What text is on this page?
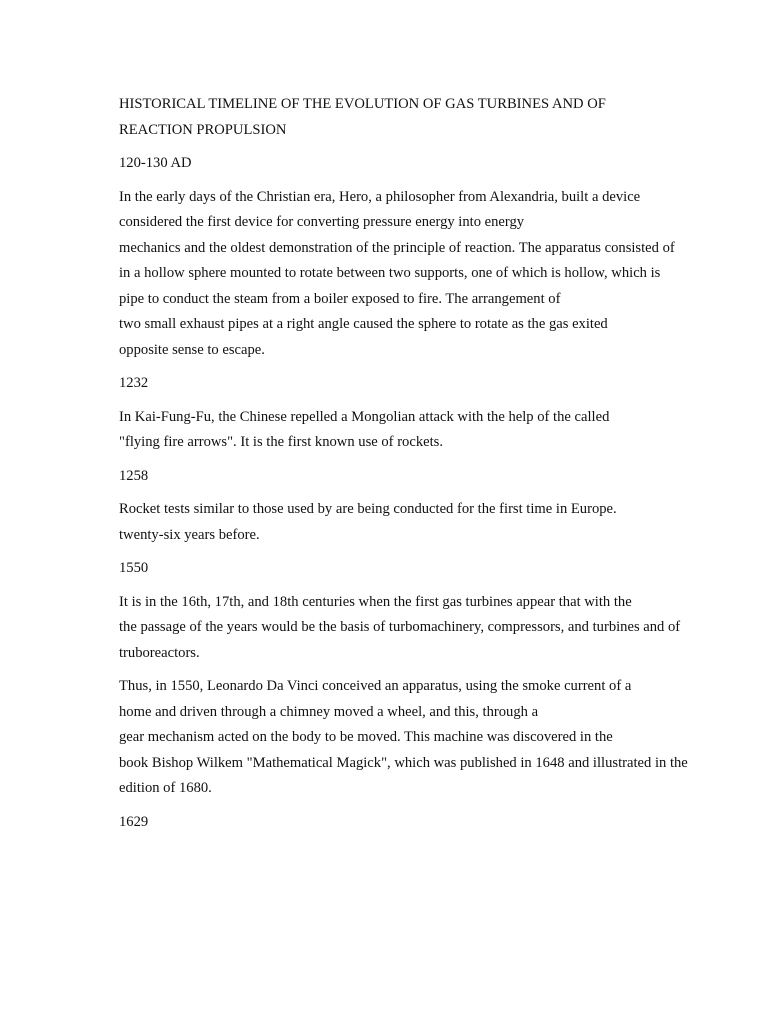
HISTORICAL TIMELINE OF THE EVOLUTION OF GAS TURBINES AND OF
REACTION PROPULSION
120-130 AD
In the early days of the Christian era, Hero, a philosopher from Alexandria, built a device
considered the first device for converting pressure energy into energy
mechanics and the oldest demonstration of the principle of reaction. The apparatus consisted of
in a hollow sphere mounted to rotate between two supports, one of which is hollow, which is
pipe to conduct the steam from a boiler exposed to fire. The arrangement of
two small exhaust pipes at a right angle caused the sphere to rotate as the gas exited
opposite sense to escape.
1232
In Kai-Fung-Fu, the Chinese repelled a Mongolian attack with the help of the called
"flying fire arrows". It is the first known use of rockets.
1258
Rocket tests similar to those used by are being conducted for the first time in Europe.
twenty-six years before.
1550
It is in the 16th, 17th, and 18th centuries when the first gas turbines appear that with the
the passage of the years would be the basis of turbomachinery, compressors, and turbines and of
truboreactors.
Thus, in 1550, Leonardo Da Vinci conceived an apparatus, using the smoke current of a
home and driven through a chimney moved a wheel, and this, through a
gear mechanism acted on the body to be moved. This machine was discovered in the
book Bishop Wilkem "Mathematical Magick", which was published in 1648 and illustrated in the
edition of 1680.
1629
